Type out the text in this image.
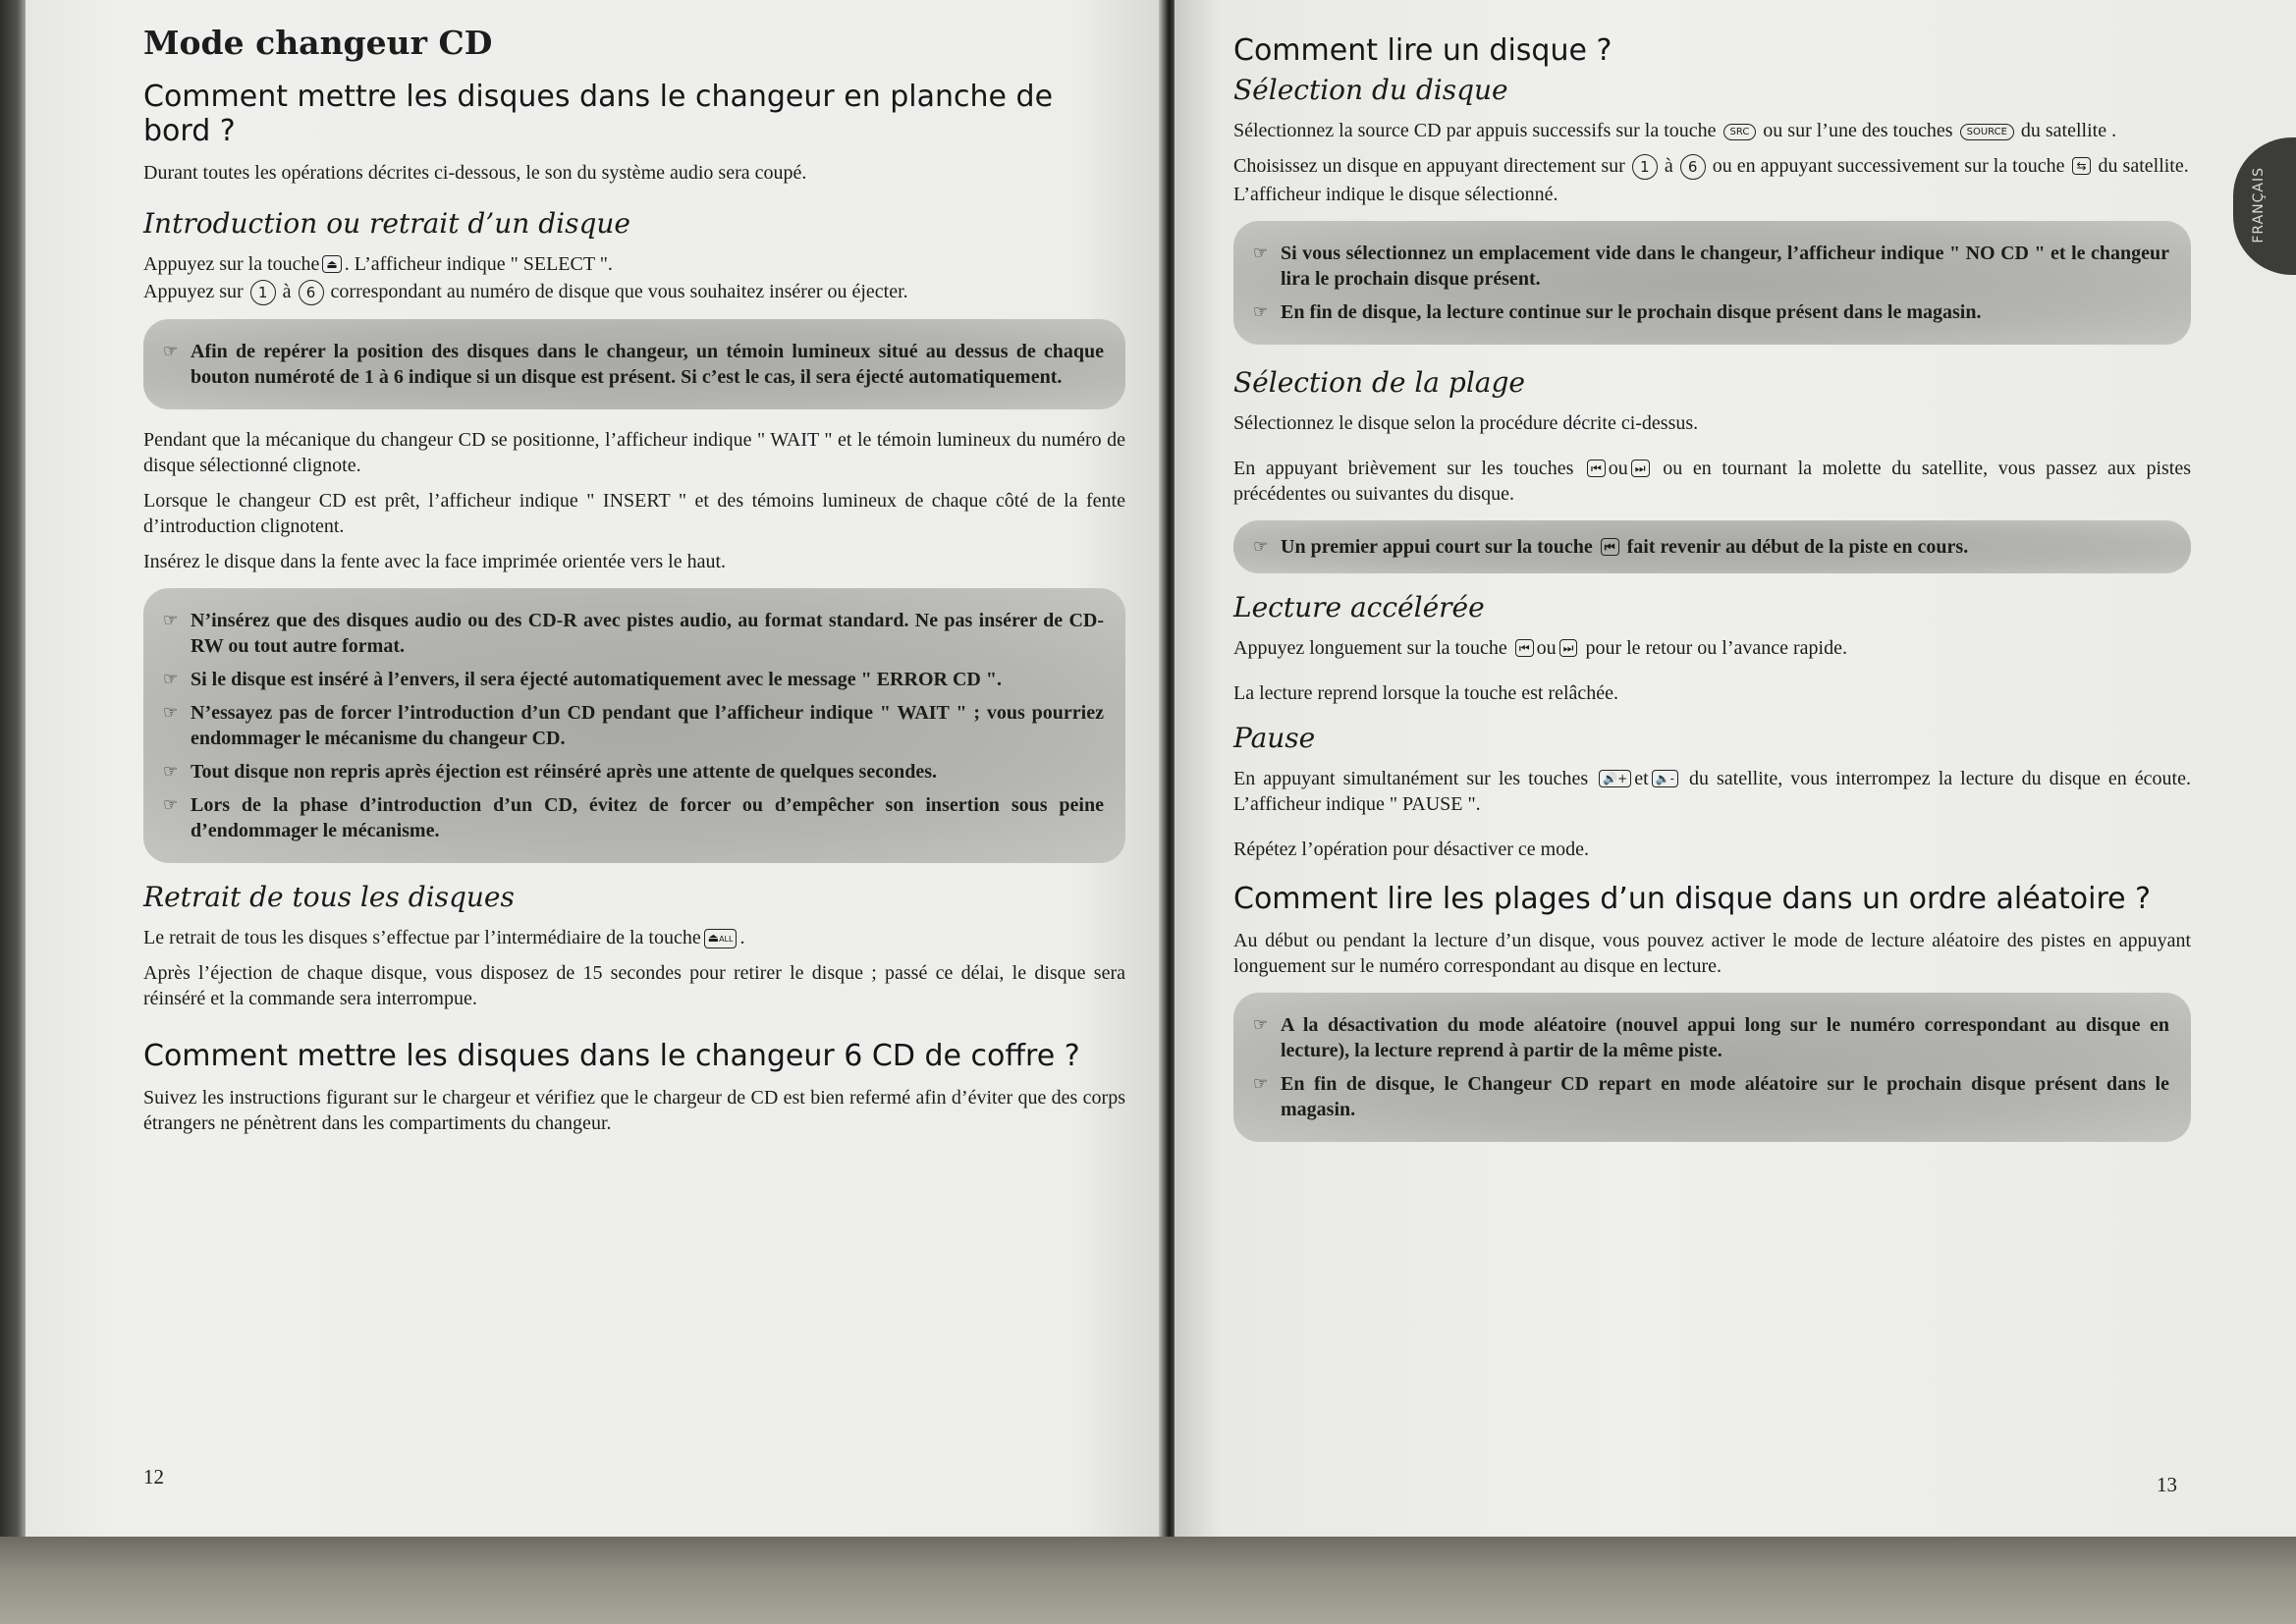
Mode changeur CD
Comment mettre les disques dans le changeur en planche de bord ?

Durant toutes les opérations décrites ci-dessous, le son du système audio sera coupé.

Introduction ou retrait d’un disque

Appuyez sur la touche ⏏ . L’afficheur indique " SELECT ".

Appuyez sur 1 à 6 correspondant au numéro de disque que vous souhaitez insérer ou éjecter.

☞ Afin de repérer la position des disques dans le changeur, un témoin lumineux situé au dessus de chaque bouton numéroté de 1 à 6 indique si un disque est présent. Si c’est le cas, il sera éjecté automatiquement.

Pendant que la mécanique du changeur CD se positionne, l’afficheur indique " WAIT " et le témoin lumineux du numéro de disque sélectionné clignote.

Lorsque le changeur CD est prêt, l’afficheur indique " INSERT " et des témoins lumineux de chaque côté de la fente d’introduction clignotent.

Insérez le disque dans la fente avec la face imprimée orientée vers le haut.

☞ N’insérez que des disques audio ou des CD-R avec pistes audio, au format standard. Ne pas insérer de CD-RW ou tout autre format.
☞ Si le disque est inséré à l’envers, il sera éjecté automatiquement avec le message " ERROR CD ".
☞ N’essayez pas de forcer l’introduction d’un CD pendant que l’afficheur indique " WAIT " ; vous pourriez endommager le mécanisme du changeur CD.
☞ Tout disque non repris après éjection est réinséré après une attente de quelques secondes.
☞ Lors de la phase d’introduction d’un CD, évitez de forcer ou d’empêcher son insertion sous peine d’endommager le mécanisme.
Retrait de tous les disques

Le retrait de tous les disques s’effectue par l’intermédiaire de la touche ⏏ALL .

Après l’éjection de chaque disque, vous disposez de 15 secondes pour retirer le disque ; passé ce délai, le disque sera réinséré et la commande sera interrompue.

Comment mettre les disques dans le changeur 6 CD de coffre ?

Suivez les instructions figurant sur le chargeur et vérifiez que le chargeur de CD est bien refermé afin d’éviter que des corps étrangers ne pénètrent dans les compartiments du changeur.

12
Comment lire un disque ?
Sélection du disque

Sélectionnez la source CD par appuis successifs sur la touche SRC ou sur l’une des touches SOURCE du satellite .

Choisissez un disque en appuyant directement sur 1 à 6 ou en appuyant successivement sur la touche ⇆ du satellite.

L’afficheur indique le disque sélectionné.

☞ Si vous sélectionnez un emplacement vide dans le changeur, l’afficheur indique " NO CD " et le changeur lira le prochain disque présent.
☞ En fin de disque, la lecture continue sur le prochain disque présent dans le magasin.
Sélection de la plage

Sélectionnez le disque selon la procédure décrite ci-dessus.

En appuyant brièvement sur les touches ⏮ ou ⏭ ou en tournant la molette du satellite, vous passez aux pistes précédentes ou suivantes du disque.

☞ Un premier appui court sur la touche ⏮ fait revenir au début de la piste en cours.
Lecture accélérée

Appuyez longuement sur la touche ⏮ ou ⏭ pour le retour ou l’avance rapide.

La lecture reprend lorsque la touche est relâchée.

Pause

En appuyant simultanément sur les touches 🔊+ et 🔈- du satellite, vous interrompez la lecture du disque en écoute. L’afficheur indique " PAUSE ".

Répétez l’opération pour désactiver ce mode.

Comment lire les plages d’un disque dans un ordre aléatoire ?

Au début ou pendant la lecture d’un disque, vous pouvez activer le mode de lecture aléatoire des pistes en appuyant longuement sur le numéro correspondant au disque en lecture.

☞ A la désactivation du mode aléatoire (nouvel appui long sur le numéro correspondant au disque en lecture), la lecture reprend à partir de la même piste.
☞ En fin de disque, le Changeur CD repart en mode aléatoire sur le prochain disque présent dans le magasin.
FRANÇAIS
13
